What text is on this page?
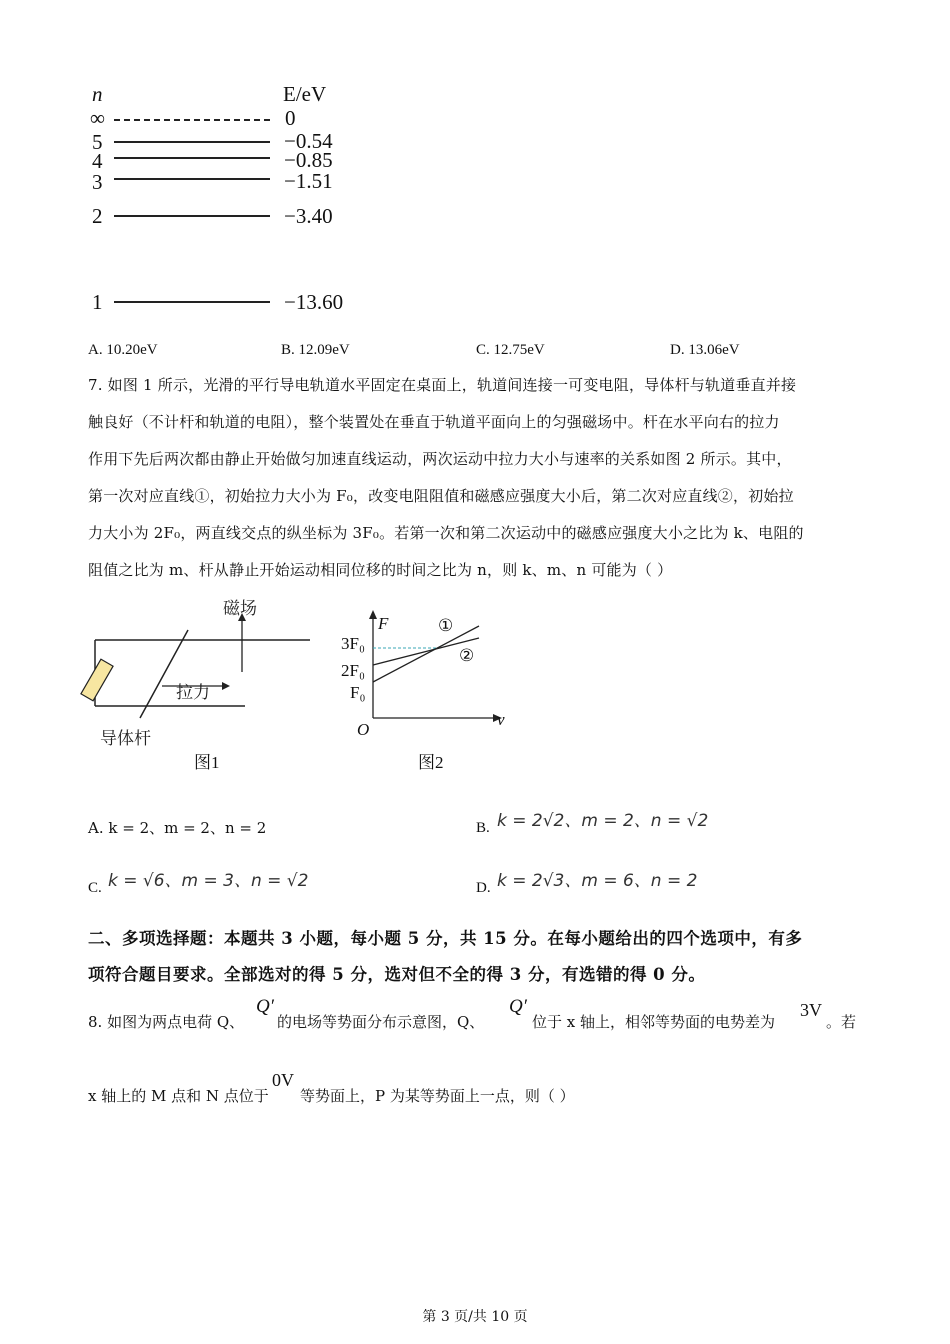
n	E/eV
∞	0
5	−0.54
4	−0.85
3	−1.51
2	−3.40
1	−13.60
A. 10.20eV	B. 12.09eV	C. 12.75eV	D. 13.06eV
7. 如图 1 所示，光滑的平行导电轨道水平固定在桌面上，轨道间连接一可变电阻，导体杆与轨道垂直并接
触良好（不计杆和轨道的电阻），整个装置处在垂直于轨道平面向上的匀强磁场中。杆在水平向右的拉力
作用下先后两次都由静止开始做匀加速直线运动，两次运动中拉力大小与速率的关系如图 2 所示。其中，
第一次对应直线①，初始拉力大小为 F₀，改变电阻阻值和磁感应强度大小后，第二次对应直线②，初始拉
力大小为 2F₀，两直线交点的纵坐标为 3F₀。若第一次和第二次运动中的磁感应强度大小之比为 k、电阻的
阻值之比为 m、杆从静止开始运动相同位移的时间之比为 n，则 k、m、n 可能为（ ）
磁场
拉力
导体杆
图1
F
v
O
3F₀
2F₀
F₀
①
②
图2
A. k = 2、m = 2、n = 2	B. k = 2√2、m = 2、n = √2
C. k = √6、m = 3、n = √2	D. k = 2√3、m = 6、n = 2
二、多项选择题：本题共 3 小题，每小题 5 分，共 15 分。在每小题给出的四个选项中，有多
项符合题目要求。全部选对的得 5 分，选对但不全的得 3 分，有选错的得 0 分。
8. 如图为两点电荷 Q、
Q′
的电场等势面分布示意图，Q、
Q′
位于 x 轴上，相邻等势面的电势差为
3V
。若
x 轴上的 M 点和 N 点位于
0V
等势面上，P 为某等势面上一点，则（ ）
第 3 页/共 10 页
